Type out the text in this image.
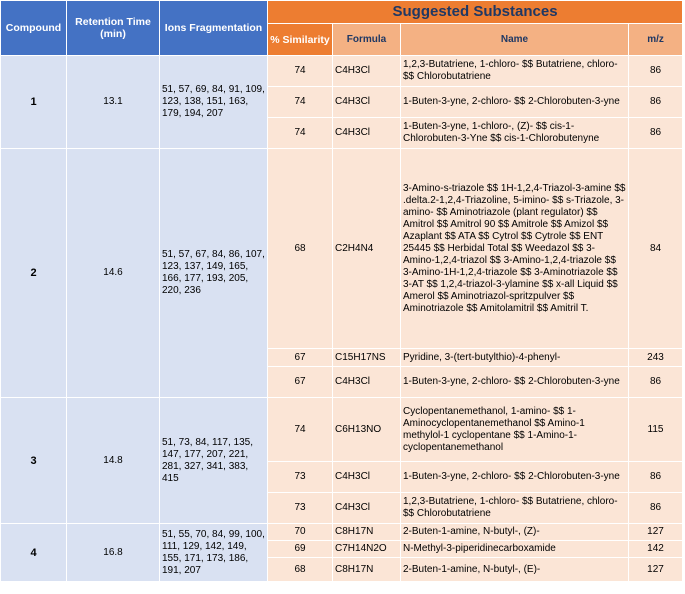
Compound	Retention Time (min)	Ions Fragmentation	Suggested Substances			
			% Similarity	Formula	Name	m/z
1	13.1	51, 57, 69, 84, 91, 109, 123, 138, 151, 163, 179, 194, 207	74	C4H3Cl	1,2,3-Butatriene, 1-chloro- $$ Butatriene, chloro- $$ Chlorobutatriene	86
			74	C4H3Cl	1-Buten-3-yne, 2-chloro- $$ 2-Chlorobuten-3-yne	86
			74	C4H3Cl	1-Buten-3-yne, 1-chloro-, (Z)- $$ cis-1-Chlorobuten-3-Yne $$ cis-1-Chlorobutenyne	86
2	14.6	51, 57, 67, 84, 86, 107, 123, 137, 149, 165, 166, 177, 193, 205, 220, 236	68	C2H4N4	3-Amino-s-triazole $$ 1H-1,2,4-Triazol-3-amine $$ .delta.2-1,2,4-Triazoline, 5-imino- $$ s-Triazole, 3-amino- $$ Aminotriazole (plant regulator) $$ Amitrol $$ Amitrol 90 $$ Amitrole $$ Amizol $$ Azaplant $$ ATA $$ Cytrol $$ Cytrole $$ ENT 25445 $$ Herbidal Total $$ Weedazol $$ 3-Amino-1,2,4-triazol $$ 3-Amino-1,2,4-triazole $$ 3-Amino-1H-1,2,4-triazole $$ 3-Aminotriazole $$ 3-AT $$ 1,2,4-triazol-3-ylamine $$ x-all Liquid $$ Amerol $$ Aminotriazol-spritzpulver $$ Aminotriazole $$ Amitolamitril $$ Amitril T.	84
			67	C15H17NS	Pyridine, 3-(tert-butylthio)-4-phenyl-	243
			67	C4H3Cl	1-Buten-3-yne, 2-chloro- $$ 2-Chlorobuten-3-yne	86
3	14.8	51, 73, 84, 117, 135, 147, 177, 207, 221, 281, 327, 341, 383, 415	74	C6H13NO	Cyclopentanemethanol, 1-amino- $$ 1-Aminocyclopentanemethanol $$ Amino-1 methylol-1 cyclopentane $$ 1-Amino-1-cyclopentanemethanol	115
			73	C4H3Cl	1-Buten-3-yne, 2-chloro- $$ 2-Chlorobuten-3-yne	86
			73	C4H3Cl	1,2,3-Butatriene, 1-chloro- $$ Butatriene, chloro- $$ Chlorobutatriene	86
4	16.8	51, 55, 70, 84, 99, 100, 111, 129, 142, 149, 155, 171, 173, 186, 191, 207	70	C8H17N	2-Buten-1-amine, N-butyl-, (Z)-	127
			69	C7H14N2O	N-Methyl-3-piperidinecarboxamide	142
			68	C8H17N	2-Buten-1-amine, N-butyl-, (E)-	127
